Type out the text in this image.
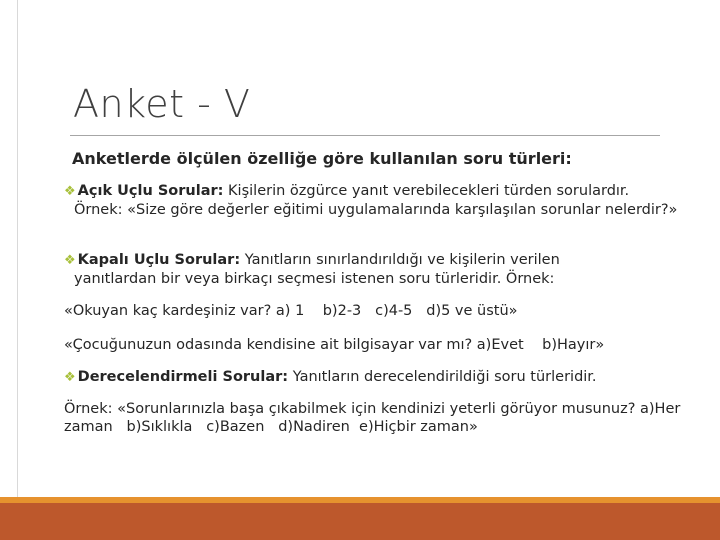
Anket - V
Anketlerde ölçülen özelliğe göre kullanılan soru türleri:
❖ Açık Uçlu Sorular: Kişilerin özgürce yanıt verebilecekleri türden sorulardır.
Örnek: «Size göre değerler eğitimi uygulamalarında karşılaşılan sorunlar nelerdir?»
❖ Kapalı Uçlu Sorular: Yanıtların sınırlandırıldığı ve kişilerin verilen
yanıtlardan bir veya birkaçı seçmesi istenen soru türleridir. Örnek:
«Okuyan kaç kardeşiniz var? a) 1    b)2-3   c)4-5   d)5 ve üstü»
«Çocuğunuzun odasında kendisine ait bilgisayar var mı? a)Evet    b)Hayır»
❖ Derecelendirmeli Sorular: Yanıtların derecelendirildiği soru türleridir.
Örnek: «Sorunlarınızla başa çıkabilmek için kendinizi yeterli görüyor musunuz? a)Her zaman   b)Sıklıkla   c)Bazen   d)Nadiren  e)Hiçbir zaman»
